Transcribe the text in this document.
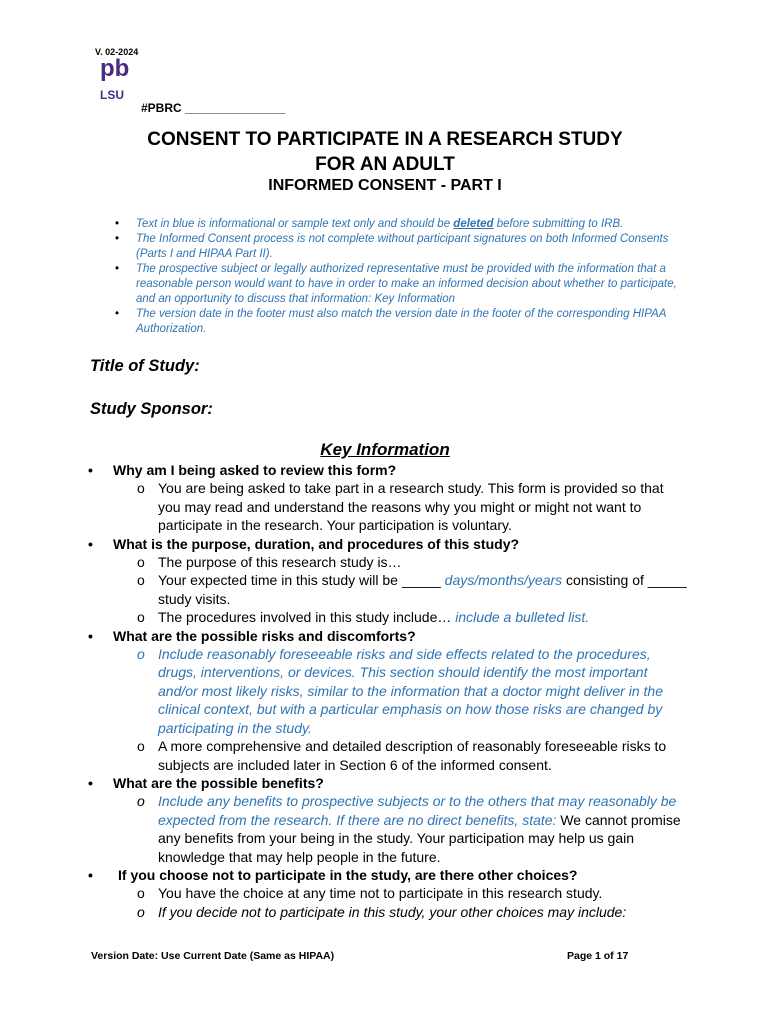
V. 02-2024
pb
LSU
#PBRC _______________
CONSENT TO PARTICIPATE IN A RESEARCH STUDY
FOR AN ADULT
INFORMED CONSENT - PART I
• Text in blue is informational or sample text only and should be deleted before submitting to IRB.
• The Informed Consent process is not complete without participant signatures on both Informed Consents (Parts I and HIPAA Part II).
• The prospective subject or legally authorized representative must be provided with the information that a reasonable person would want to have in order to make an informed decision about whether to participate, and an opportunity to discuss that information: Key Information
• The version date in the footer must also match the version date in the footer of the corresponding HIPAA Authorization.
Title of Study:
Study Sponsor:
Key Information
• Why am I being asked to review this form?
o You are being asked to take part in a research study. This form is provided so that you may read and understand the reasons why you might or might not want to participate in the research. Your participation is voluntary.
• What is the purpose, duration, and procedures of this study?
o The purpose of this research study is…
o Your expected time in this study will be _____ days/months/years consisting of _____ study visits.
o The procedures involved in this study include… include a bulleted list.
• What are the possible risks and discomforts?
o Include reasonably foreseeable risks and side effects related to the procedures, drugs, interventions, or devices. This section should identify the most important and/or most likely risks, similar to the information that a doctor might deliver in the clinical context, but with a particular emphasis on how those risks are changed by participating in the study.
o A more comprehensive and detailed description of reasonably foreseeable risks to subjects are included later in Section 6 of the informed consent.
• What are the possible benefits?
o Include any benefits to prospective subjects or to the others that may reasonably be expected from the research. If there are no direct benefits, state: We cannot promise any benefits from your being in the study. Your participation may help us gain knowledge that may help people in the future.
• If you choose not to participate in the study, are there other choices?
o You have the choice at any time not to participate in this research study.
o If you decide not to participate in this study, your other choices may include:
Version Date: Use Current Date (Same as HIPAA)	Page 1 of 17
